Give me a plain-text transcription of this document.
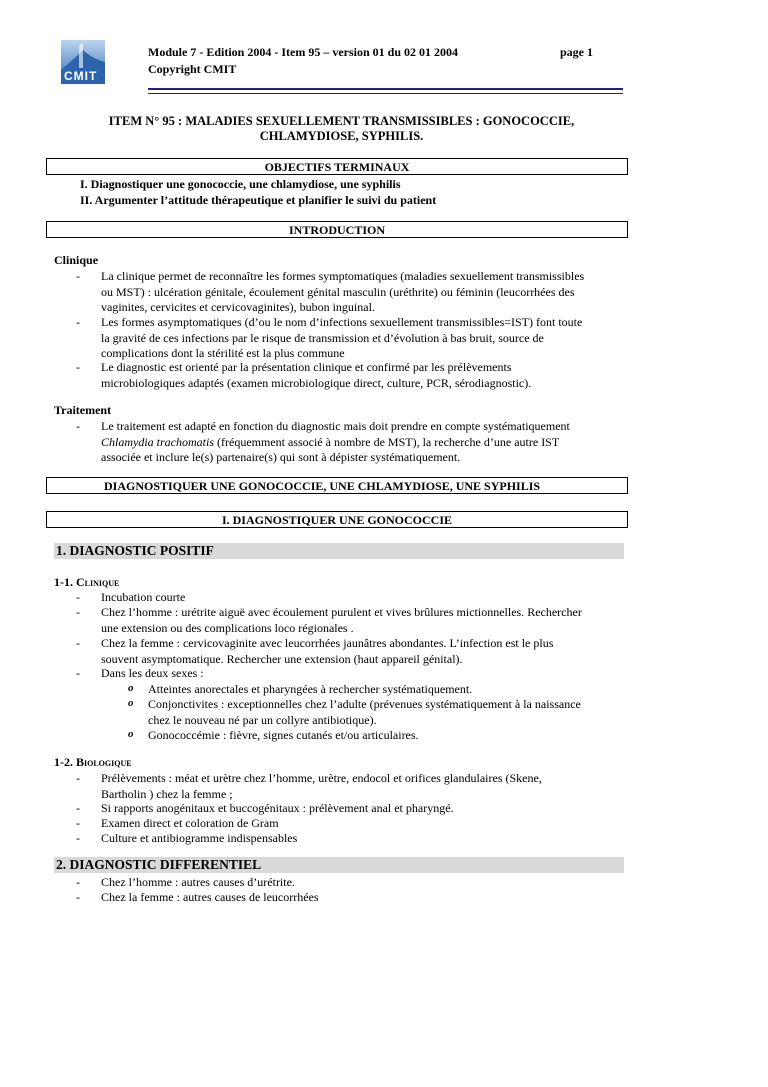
CMIT
Module 7 - Edition 2004 - Item 95 – version 01 du 02 01 2004	page 1
Copyright CMIT
ITEM N° 95 : MALADIES SEXUELLEMENT TRANSMISSIBLES : GONOCOCCIE,
CHLAMYDIOSE, SYPHILIS.
OBJECTIFS TERMINAUX
I. Diagnostiquer une gonococcie, une chlamydiose, une syphilis
II. Argumenter l’attitude thérapeutique et planifier le suivi du patient
INTRODUCTION
Clinique
- La clinique permet de reconnaître les formes symptomatiques (maladies sexuellement transmissibles
ou MST) : ulcération génitale, écoulement génital masculin (uréthrite) ou féminin (leucorrhées des
vaginites, cervicites et cervicovaginites), bubon inguinal.
- Les formes asymptomatiques (d’ou le nom d’infections sexuellement transmissibles=IST) font toute
la gravité de ces infections par le risque de transmission et d’évolution à bas bruit, source de
complications dont la stérilité est la plus commune
- Le diagnostic est orienté par la présentation clinique et confirmé par les prélèvements
microbiologiques adaptés (examen microbiologique direct, culture, PCR, sérodiagnostic).
Traitement
- Le traitement est adapté en fonction du diagnostic mais doit prendre en compte systématiquement
Chlamydia trachomatis (fréquemment associé à nombre de MST), la recherche d’une autre IST
associée et inclure le(s) partenaire(s) qui sont à dépister systématiquement.
DIAGNOSTIQUER UNE GONOCOCCIE, UNE CHLAMYDIOSE, UNE SYPHILIS
I. DIAGNOSTIQUER UNE GONOCOCCIE
1. DIAGNOSTIC POSITIF
1-1. Clinique
- Incubation courte
- Chez l’homme : urétrite aiguë avec écoulement purulent et vives brûlures mictionnelles. Rechercher
une extension ou des complications loco régionales .
- Chez la femme : cervicovaginite avec leucorrhées jaunâtres abondantes. L’infection est le plus
souvent asymptomatique. Rechercher une extension (haut appareil génital).
- Dans les deux sexes :
o Atteintes anorectales et pharyngées à rechercher systématiquement.
o Conjonctivites : exceptionnelles chez l’adulte (prévenues systématiquement à la naissance
chez le nouveau né par un collyre antibiotique).
o Gonococcémie : fièvre, signes cutanés et/ou articulaires.
1-2. Biologique
- Prélèvements : méat et urètre chez l’homme, urètre, endocol et orifices glandulaires (Skene,
Bartholin ) chez la femme ;
- Si rapports anogénitaux et buccogénitaux : prélèvement anal et pharyngé.
- Examen direct et coloration de Gram
- Culture et antibiogramme indispensables
2. DIAGNOSTIC DIFFERENTIEL
- Chez l’homme : autres causes d’urétrite.
- Chez la femme : autres causes de leucorrhées
